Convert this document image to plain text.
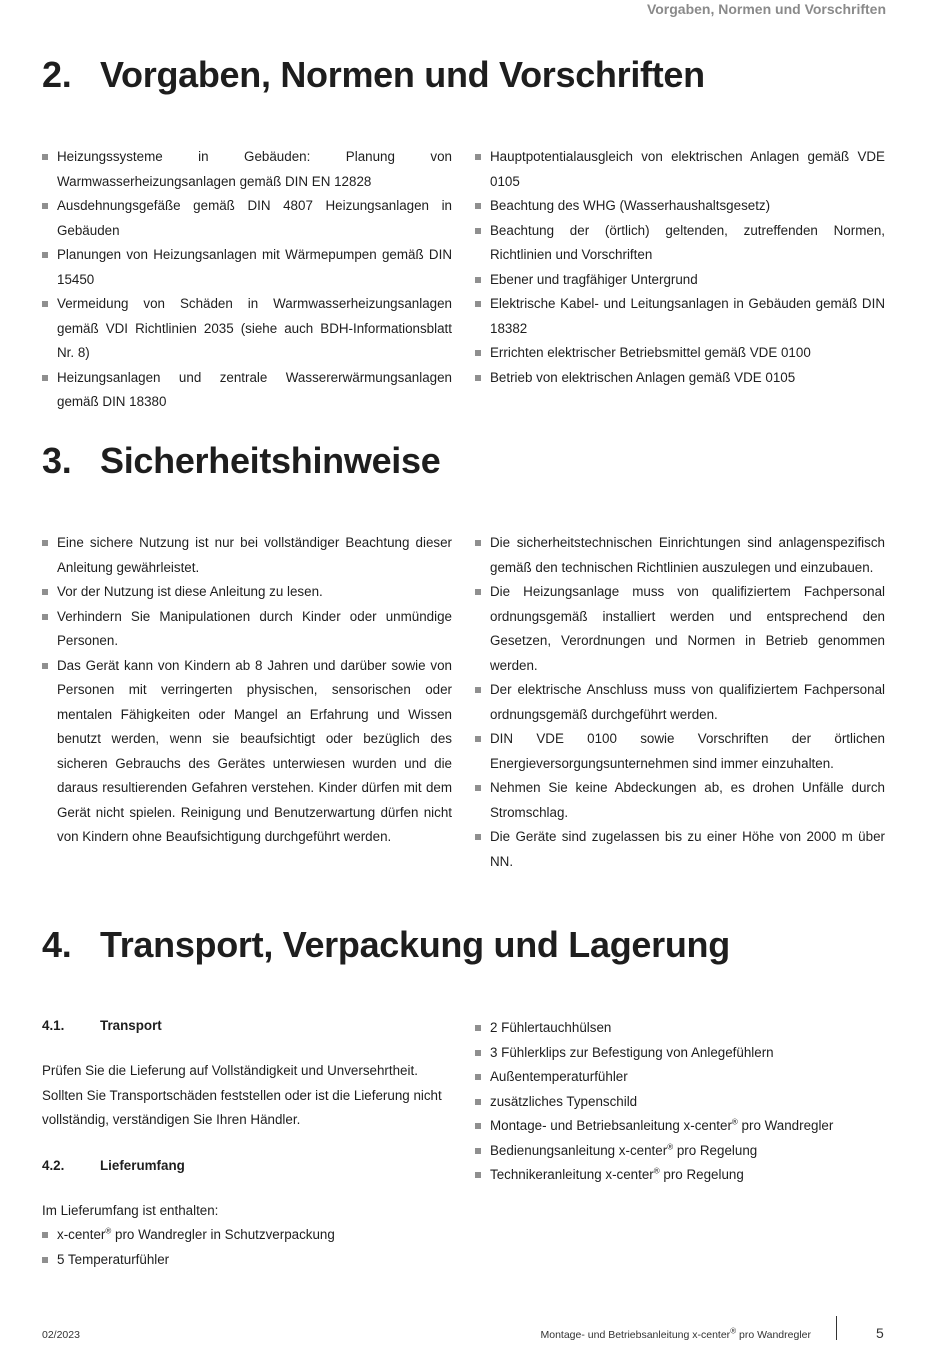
Vorgaben, Normen und Vorschriften
2. Vorgaben, Normen und Vorschriften
Heizungssysteme in Gebäuden: Planung von Warmwasserheizungsanlagen gemäß DIN EN 12828
Ausdehnungsgefäße gemäß DIN 4807 Heizungsanlagen in Gebäuden
Planungen von Heizungsanlagen mit Wärmepumpen gemäß DIN 15450
Vermeidung von Schäden in Warmwasserheizungsanlagen gemäß VDI Richtlinien 2035 (siehe auch BDH-Informationsblatt Nr. 8)
Heizungsanlagen und zentrale Wassererwärmungsanlagen gemäß DIN 18380
Hauptpotentialausgleich von elektrischen Anlagen gemäß VDE 0105
Beachtung des WHG (Wasserhaushaltsgesetz)
Beachtung der (örtlich) geltenden, zutreffenden Normen, Richtlinien und Vorschriften
Ebener und tragfähiger Untergrund
Elektrische Kabel- und Leitungsanlagen in Gebäuden gemäß DIN 18382
Errichten elektrischer Betriebsmittel gemäß VDE 0100
Betrieb von elektrischen Anlagen gemäß VDE 0105
3. Sicherheitshinweise
Eine sichere Nutzung ist nur bei vollständiger Beachtung dieser Anleitung gewährleistet.
Vor der Nutzung ist diese Anleitung zu lesen.
Verhindern Sie Manipulationen durch Kinder oder unmündige Personen.
Das Gerät kann von Kindern ab 8 Jahren und darüber sowie von Personen mit verringerten physischen, sensorischen oder mentalen Fähigkeiten oder Mangel an Erfahrung und Wissen benutzt werden, wenn sie beaufsichtigt oder bezüglich des sicheren Gebrauchs des Gerätes unterwiesen wurden und die daraus resultierenden Gefahren verstehen. Kinder dürfen mit dem Gerät nicht spielen. Reinigung und Benutzerwartung dürfen nicht von Kindern ohne Beaufsichtigung durchgeführt werden.
Die sicherheitstechnischen Einrichtungen sind anlagenspezifisch gemäß den technischen Richtlinien auszulegen und einzubauen.
Die Heizungsanlage muss von qualifiziertem Fachpersonal ordnungsgemäß installiert werden und entsprechend den Gesetzen, Verordnungen und Normen in Betrieb genommen werden.
Der elektrische Anschluss muss von qualifiziertem Fachpersonal ordnungsgemäß durchgeführt werden.
DIN VDE 0100 sowie Vorschriften der örtlichen Energieversorgungsunternehmen sind immer einzuhalten.
Nehmen Sie keine Abdeckungen ab, es drohen Unfälle durch Stromschlag.
Die Geräte sind zugelassen bis zu einer Höhe von 2000 m über NN.
4. Transport, Verpackung und Lagerung
4.1.	Transport

Prüfen Sie die Lieferung auf Vollständigkeit und Unversehrtheit. Sollten Sie Transportschäden feststellen oder ist die Lieferung nicht vollständig, verständigen Sie Ihren Händler.

4.2.	Lieferumfang

Im Lieferumfang ist enthalten:

x-center® pro Wandregler in Schutzverpackung
5 Temperaturfühler
2 Fühlertauchhülsen
3 Fühlerklips zur Befestigung von Anlegefühlern
Außentemperaturfühler
zusätzliches Typenschild
Montage- und Betriebsanleitung x-center® pro Wandregler
Bedienungsanleitung x-center® pro Regelung
Technikeranleitung x-center® pro Regelung
02/2023	Montage- und Betriebsanleitung x-center® pro Wandregler	5
